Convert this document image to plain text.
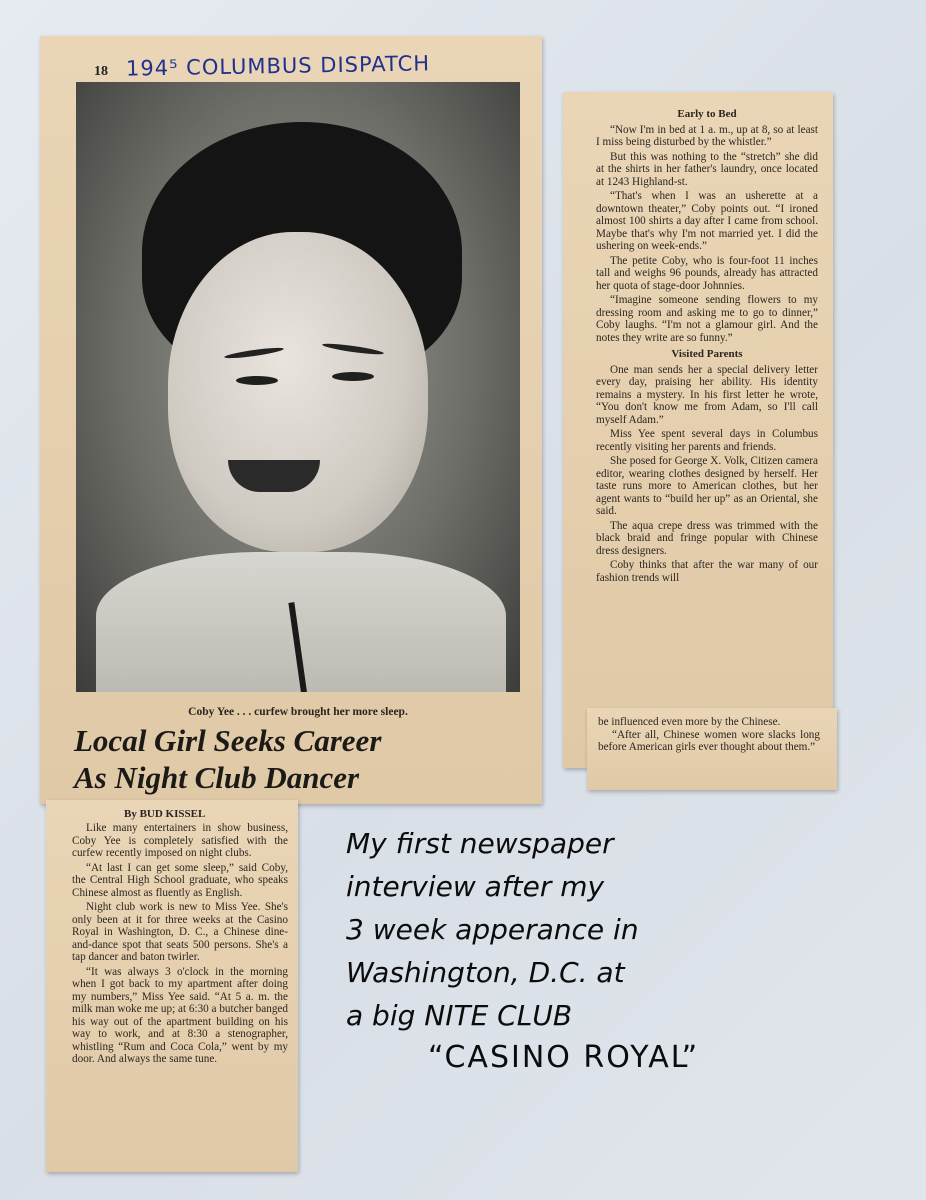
18 194⁵ COLUMBUS DISPATCH
Coby Yee . . . curfew brought her more sleep.
Local Girl Seeks Career
As Night Club Dancer
By BUD KISSEL

Like many entertainers in show business, Coby Yee is completely satisfied with the curfew recently imposed on night clubs.

“At last I can get some sleep,” said Coby, the Central High School graduate, who speaks Chinese almost as fluently as English.

Night club work is new to Miss Yee. She's only been at it for three weeks at the Casino Royal in Washington, D. C., a Chinese dine-and-dance spot that seats 500 persons. She's a tap dancer and baton twirler.

“It was always 3 o'clock in the morning when I got back to my apartment after doing my numbers,” Miss Yee said. “At 5 a. m. the milk man woke me up; at 6:30 a butcher banged his way out of the apartment building on his way to work, and at 8:30 a stenographer, whistling “Rum and Coca Cola,” went by my door. And always the same tune.

Early to Bed

“Now I'm in bed at 1 a. m., up at 8, so at least I miss being disturbed by the whistler.”

But this was nothing to the “stretch” she did at the shirts in her father's laundry, once located at 1243 Highland-st.

“That's when I was an usherette at a downtown theater,” Coby points out. “I ironed almost 100 shirts a day after I came from school. Maybe that's why I'm not married yet. I did the ushering on week-ends.”

The petite Coby, who is four-foot 11 inches tall and weighs 96 pounds, already has attracted her quota of stage-door Johnnies.

“Imagine someone sending flowers to my dressing room and asking me to go to dinner,” Coby laughs. “I'm not a glamour girl. And the notes they write are so funny.”

Visited Parents

One man sends her a special delivery letter every day, praising her ability. His identity remains a mystery. In his first letter he wrote, “You don't know me from Adam, so I'll call myself Adam.”

Miss Yee spent several days in Columbus recently visiting her parents and friends.

She posed for George X. Volk, Citizen camera editor, wearing clothes designed by herself. Her taste runs more to American clothes, but her agent wants to “build her up” as an Oriental, she said.

The aqua crepe dress was trimmed with the black braid and fringe popular with Chinese dress designers.

Coby thinks that after the war many of our fashion trends will

be influenced even more by the Chinese.

“After all, Chinese women wore slacks long before American girls ever thought about them.”

My first newspaper
interview after my
3 week apperance in
Washington, D.C. at
a big NITE CLUB
“CASINO ROYAL”
